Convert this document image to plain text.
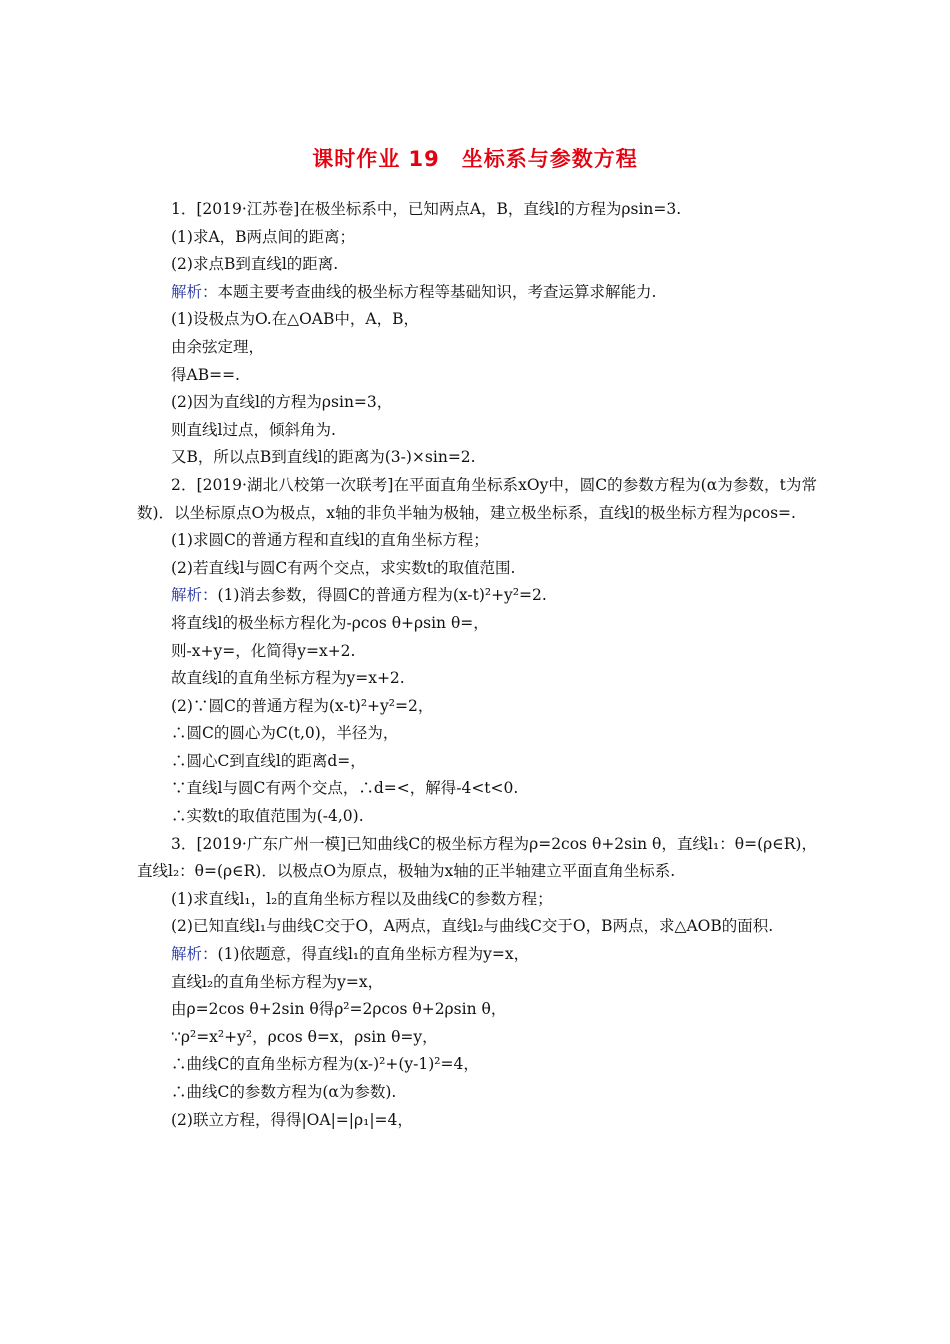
课时作业 19　坐标系与参数方程

1．[2019·江苏卷]在极坐标系中，已知两点A，B，直线l的方程为ρsin=3.

(1)求A，B两点间的距离；

(2)求点B到直线l的距离.

解析：本题主要考查曲线的极坐标方程等基础知识，考查运算求解能力.

(1)设极点为O.在△OAB中，A，B，

由余弦定理，

得AB==.

(2)因为直线l的方程为ρsin=3，

则直线l过点，倾斜角为.

又B，所以点B到直线l的距离为(3-)×sin=2.

2．[2019·湖北八校第一次联考]在平面直角坐标系xOy中，圆C的参数方程为(α为参数，t为常数)．以坐标原点O为极点，x轴的非负半轴为极轴，建立极坐标系，直线l的极坐标方程为ρcos=.

(1)求圆C的普通方程和直线l的直角坐标方程；

(2)若直线l与圆C有两个交点，求实数t的取值范围.

解析：(1)消去参数，得圆C的普通方程为(x-t)²+y²=2.

将直线l的极坐标方程化为-ρcos θ+ρsin θ=，

则-x+y=，化简得y=x+2.

故直线l的直角坐标方程为y=x+2.

(2)∵圆C的普通方程为(x-t)²+y²=2，

∴圆C的圆心为C(t,0)，半径为，

∴圆心C到直线l的距离d=，

∵直线l与圆C有两个交点，∴d=<，解得-4<t<0.

∴实数t的取值范围为(-4,0).

3．[2019·广东广州一模]已知曲线C的极坐标方程为ρ=2cos θ+2sin θ，直线l₁：θ=(ρ∈R)，直线l₂：θ=(ρ∈R)．以极点O为原点，极轴为x轴的正半轴建立平面直角坐标系.

(1)求直线l₁，l₂的直角坐标方程以及曲线C的参数方程；

(2)已知直线l₁与曲线C交于O，A两点，直线l₂与曲线C交于O，B两点，求△AOB的面积.

解析：(1)依题意，得直线l₁的直角坐标方程为y=x，

直线l₂的直角坐标方程为y=x，

由ρ=2cos θ+2sin θ得ρ²=2ρcos θ+2ρsin θ，

∵ρ²=x²+y²，ρcos θ=x，ρsin θ=y，

∴曲线C的直角坐标方程为(x-)²+(y-1)²=4，

∴曲线C的参数方程为(α为参数).

(2)联立方程，得得|OA|=|ρ₁|=4，
